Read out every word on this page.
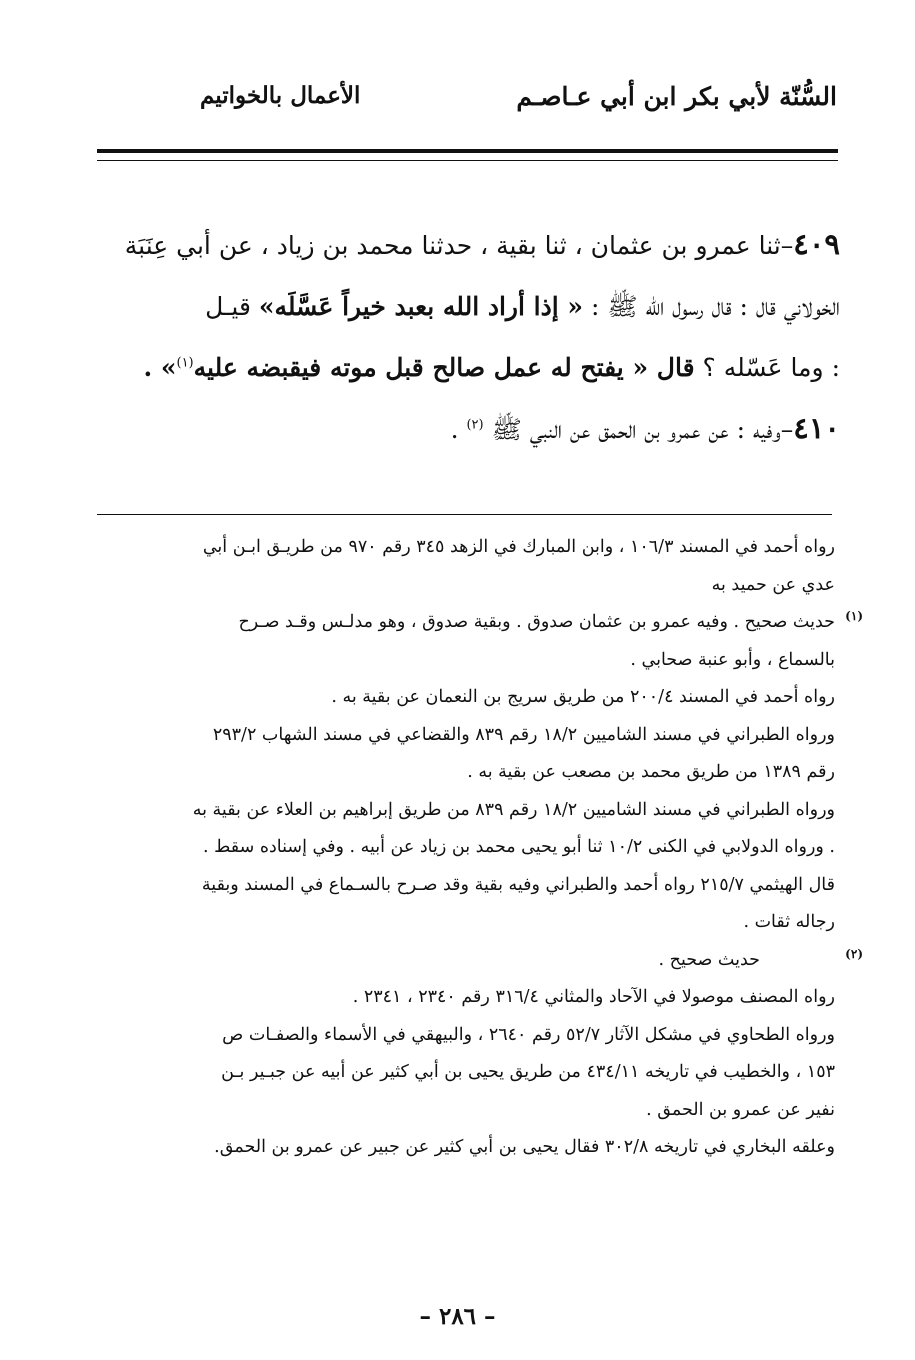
السُّنّة لأبي بكر ابن أبي عـاصـم
الأعمال بالخواتيم

٤٠٩–ثنا عمرو بن عثمان ، ثنا بقية ، حدثنا محمد بن زياد ، عن أبي عِنَبَة

الخولاني قال : قال رسول الله ﷺ : « إذا أراد الله بعبد خيراً عَسَّلَه» قيـل

: وما عَسّله ؟ قال « يفتح له عمل صالح قبل موته فيقبضه عليه$^{(١)}$» .

٤١٠–وفيه : عن عمرو بن الحمق عن النبي ﷺ $^{(٢)}$ .

رواه أحمد في المسند ١٠٦/٣ ، وابن المبارك في الزهد ٣٤٥ رقم ٩٧٠ من طريـق ابـن أبي

عدي عن حميد به

(١)
حديث صحيح . وفيه عمرو بن عثمان صدوق . وبقية صدوق ، وهو مدلـس وقـد صـرح

بالسماع ، وأبو عنبة صحابي .

رواه أحمد في المسند ٢٠٠/٤ من طريق سريج بن النعمان عن بقية به .

ورواه الطبراني في مسند الشاميين ١٨/٢ رقم ٨٣٩ والقضاعي في مسند الشهاب ٢٩٣/٢

رقم ١٣٨٩ من طريق محمد بن مصعب عن بقية به .

ورواه الطبراني في مسند الشاميين ١٨/٢ رقم ٨٣٩ من طريق إبراهيم بن العلاء عن بقية به

. ورواه الدولابي في الكنى ١٠/٢ ثنا أبو يحيى محمد بن زياد عن أبيه . وفي إسناده سقط .

قال الهيثمي ٢١٥/٧ رواه أحمد والطبراني وفيه بقية وقد صـرح بالسـماع في المسند وبقية

رجاله ثقات .

(٢)
حديث صحيح .

رواه المصنف موصولا في الآحاد والمثاني ٣١٦/٤ رقم ٢٣٤٠ ، ٢٣٤١ .

ورواه الطحاوي في مشكل الآثار ٥٢/٧ رقم ٢٦٤٠ ، والبيهقي في الأسماء والصفـات ص

١٥٣ ، والخطيب في تاريخه ٤٣٤/١١ من طريق يحيى بن أبي كثير عن أبيه عن جبـير بـن

نفير عن عمرو بن الحمق .

وعلقه البخاري في تاريخه ٣٠٢/٨ فقال يحيى بن أبي كثير عن جبير عن عمرو بن الحمق.

– ٢٨٦ –
